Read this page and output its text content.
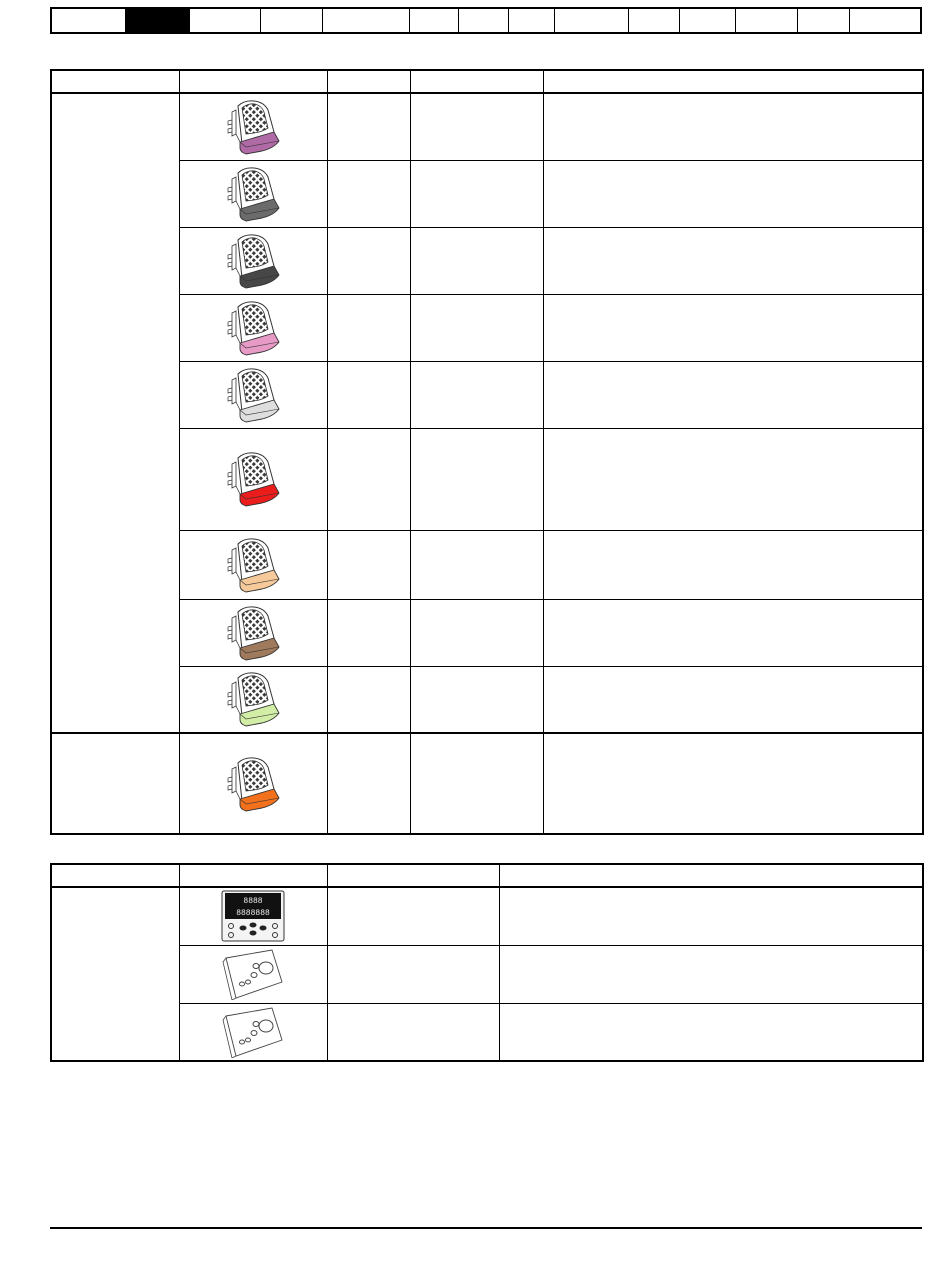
8888
8888888		
